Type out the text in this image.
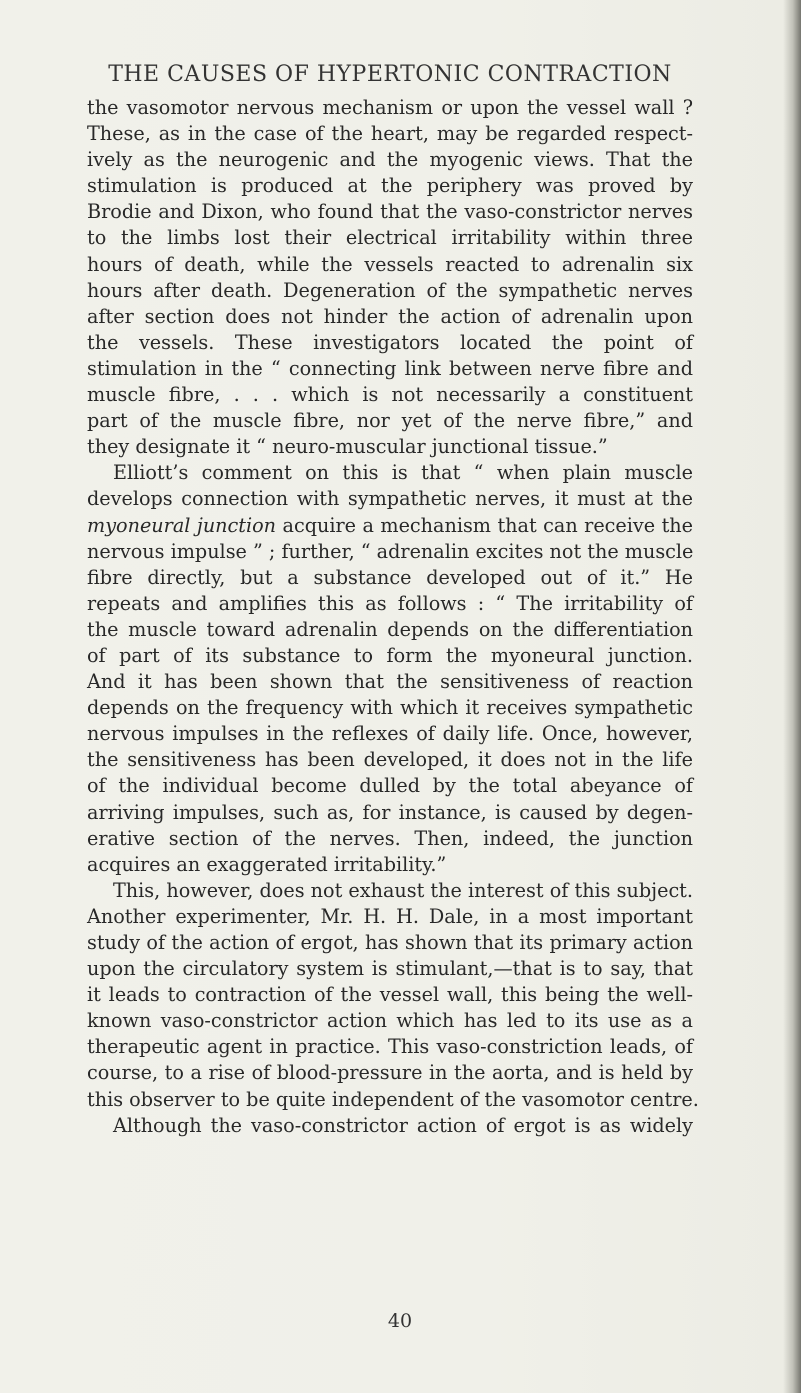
THE CAUSES OF HYPERTONIC CONTRACTION
the vasomotor nervous mechanism or upon the vessel wall ?
These, as in the case of the heart, may be regarded respect-
ively as the neurogenic and the myogenic views. That the
stimulation is produced at the periphery was proved by
Brodie and Dixon, who found that the vaso-constrictor nerves
to the limbs lost their electrical irritability within three
hours of death, while the vessels reacted to adrenalin six
hours after death. Degeneration of the sympathetic nerves
after section does not hinder the action of adrenalin upon
the vessels. These investigators located the point of
stimulation in the “ connecting link between nerve fibre and
muscle fibre, . . . which is not necessarily a constituent
part of the muscle fibre, nor yet of the nerve fibre,” and
they designate it “ neuro-muscular junctional tissue.”
Elliott’s comment on this is that “ when plain muscle
develops connection with sympathetic nerves, it must at the
myoneural junction acquire a mechanism that can receive the
nervous impulse ” ; further, “ adrenalin excites not the muscle
fibre directly, but a substance developed out of it.” He
repeats and amplifies this as follows : “ The irritability of
the muscle toward adrenalin depends on the differentiation
of part of its substance to form the myoneural junction.
And it has been shown that the sensitiveness of reaction
depends on the frequency with which it receives sympathetic
nervous impulses in the reflexes of daily life. Once, however,
the sensitiveness has been developed, it does not in the life
of the individual become dulled by the total abeyance of
arriving impulses, such as, for instance, is caused by degen-
erative section of the nerves. Then, indeed, the junction
acquires an exaggerated irritability.”
This, however, does not exhaust the interest of this subject.
Another experimenter, Mr. H. H. Dale, in a most important
study of the action of ergot, has shown that its primary action
upon the circulatory system is stimulant,—that is to say, that
it leads to contraction of the vessel wall, this being the well-
known vaso-constrictor action which has led to its use as a
therapeutic agent in practice. This vaso-constriction leads, of
course, to a rise of blood-pressure in the aorta, and is held by
this observer to be quite independent of the vasomotor centre.
Although the vaso-constrictor action of ergot is as widely
40
